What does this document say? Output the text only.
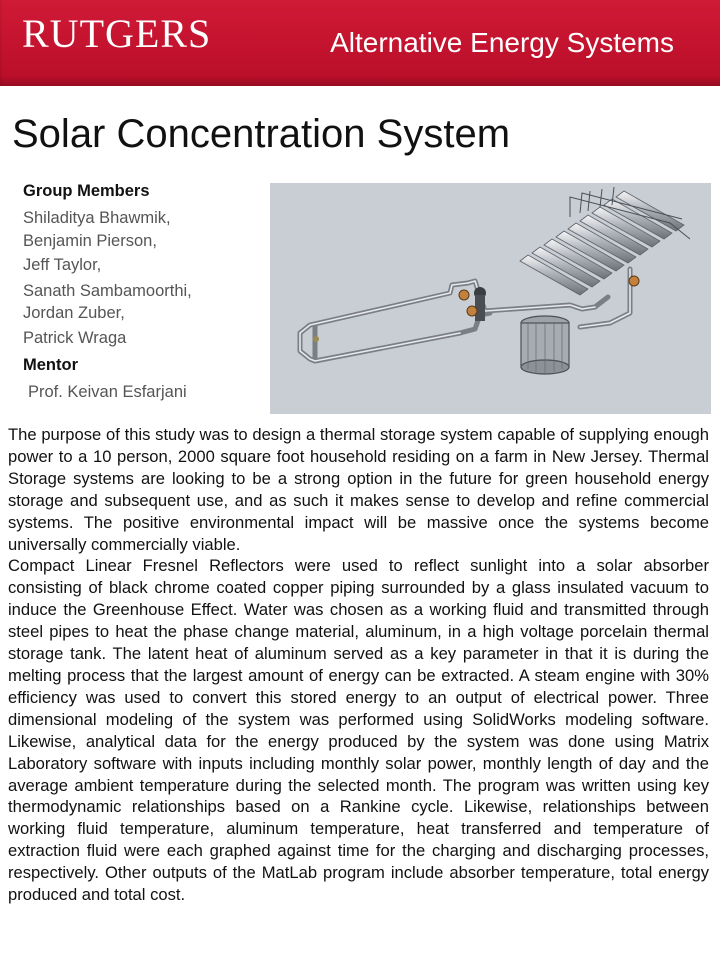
RUTGERS	Alternative Energy Systems
Solar Concentration System
Group Members
Shiladitya Bhawmik,
Benjamin Pierson,
Jeff Taylor,
Sanath Sambamoorthi,
Jordan Zuber,
Patrick Wraga
Mentor
Prof. Keivan Esfarjani

The purpose of this study was to design a thermal storage system capable of supplying enough power to a 10 person, 2000 square foot household residing on a farm in New Jersey. Thermal Storage systems are looking to be a strong option in the future for green household energy storage and subsequent use, and as such it makes sense to develop and refine commercial systems. The positive environmental impact will be massive once the systems become universally commercially viable.

Compact Linear Fresnel Reflectors were used to reflect sunlight into a solar absorber consisting of black chrome coated copper piping surrounded by a glass insulated vacuum to induce the Greenhouse Effect. Water was chosen as a working fluid and transmitted through steel pipes to heat the phase change material, aluminum, in a high voltage porcelain thermal storage tank. The latent heat of aluminum served as a key parameter in that it is during the melting process that the largest amount of energy can be extracted. A steam engine with 30% efficiency was used to convert this stored energy to an output of electrical power. Three dimensional modeling of the system was performed using SolidWorks modeling software. Likewise, analytical data for the energy produced by the system was done using Matrix Laboratory software with inputs including monthly solar power, monthly length of day and the average ambient temperature during the selected month. The program was written using key thermodynamic relationships based on a Rankine cycle. Likewise, relationships between working fluid temperature, aluminum temperature, heat transferred and temperature of extraction fluid were each graphed against time for the charging and discharging processes, respectively. Other outputs of the MatLab program include absorber temperature, total energy produced and total cost.
